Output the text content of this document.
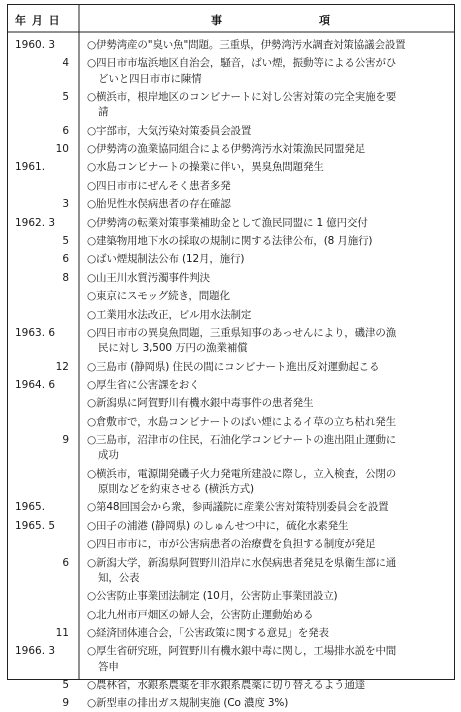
年 月 日	事　　　　　　　　項
1960. 3	○伊勢湾産の"臭い魚"問題。三重県，伊勢湾汚水調査対策協議会設置
4 ○四日市市塩浜地区自治会，騒音，ばい煙，振動等による公害がひ
どいと四日市市に陳情
5 ○横浜市，根岸地区のコンビナートに対し公害対策の完全実施を要
請
6 ○宇部市，大気汚染対策委員会設置
10 ○伊勢湾の漁業協同組合による伊勢湾汚水対策漁民同盟発足
1961.	○水島コンビナートの操業に伴い，異臭魚問題発生
○四日市市にぜんそく患者多発
3 ○胎児性水俣病患者の存在確認
1962. 3	○伊勢湾の転業対策事業補助金として漁民同盟に 1 億円交付
5 ○建築物用地下水の採取の規制に関する法律公布，(8 月施行)
6 ○ばい煙規制法公布 (12月，施行)
8 ○山王川水質汚濁事件判決
○東京にスモッグ続き，問題化
○工業用水法改正，ビル用水法制定
1963. 6	○四日市市の異臭魚問題，三重県知事のあっせんにより，磯津の漁
民に対し 3,500 万円の漁業補償
12 ○三島市 (静岡県) 住民の間にコンビナート進出反対運動起こる
1964. 6	○厚生省に公害課をおく
○新潟県に阿賀野川有機水銀中毒事件の患者発生
○倉敷市で，水島コンビナートのばい煙によるイ草の立ち枯れ発生
9 ○三島市，沼津市の住民，石油化学コンビナートの進出阻止運動に
成功
○横浜市，電源開発磯子火力発電所建設に際し，立入検査，公閉の
原則などを約束させる (横浜方式)
1965.	○第48回国会から衆，参両議院に産業公害対策特別委員会を設置
1965. 5	○田子の浦港 (静岡県) のしゅんせつ中に，硫化水素発生
○四日市市に，市が公害病患者の治療費を負担する制度が発足
6 ○新潟大学，新潟県阿賀野川沿岸に水俣病患者発見を県衛生部に通
知，公表
○公害防止事業団法制定 (10月，公害防止事業団設立)
○北九州市戸畑区の婦人会，公害防止運動始める
11 ○経済団体連合会，「公害政策に関する意見」を発表
1966. 3	○厚生省研究班，阿賀野川有機水銀中毒に関し，工場排水説を中間
答申
5 ○農林省，水銀系農薬を非水銀系農薬に切り替えるよう通達
9 ○新型車の排出ガス規制実施 (Co 濃度 3%)
